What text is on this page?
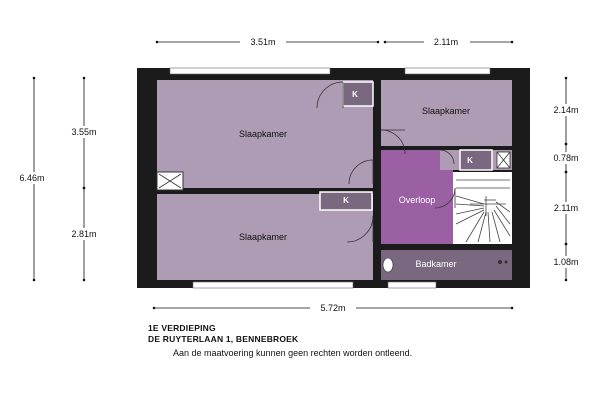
Slaapkamer
Slaapkamer
Slaapkamer
Overloop
Badkamer
K
K
K
3.51m	2.11m
5.72m
6.46m
3.55m
2.81m
2.14m
0.78m
2.11m
1.08m
1E VERDIEPING
DE RUYTERLAAN 1, BENNEBROEK
Aan de maatvoering kunnen geen rechten worden ontleend.
